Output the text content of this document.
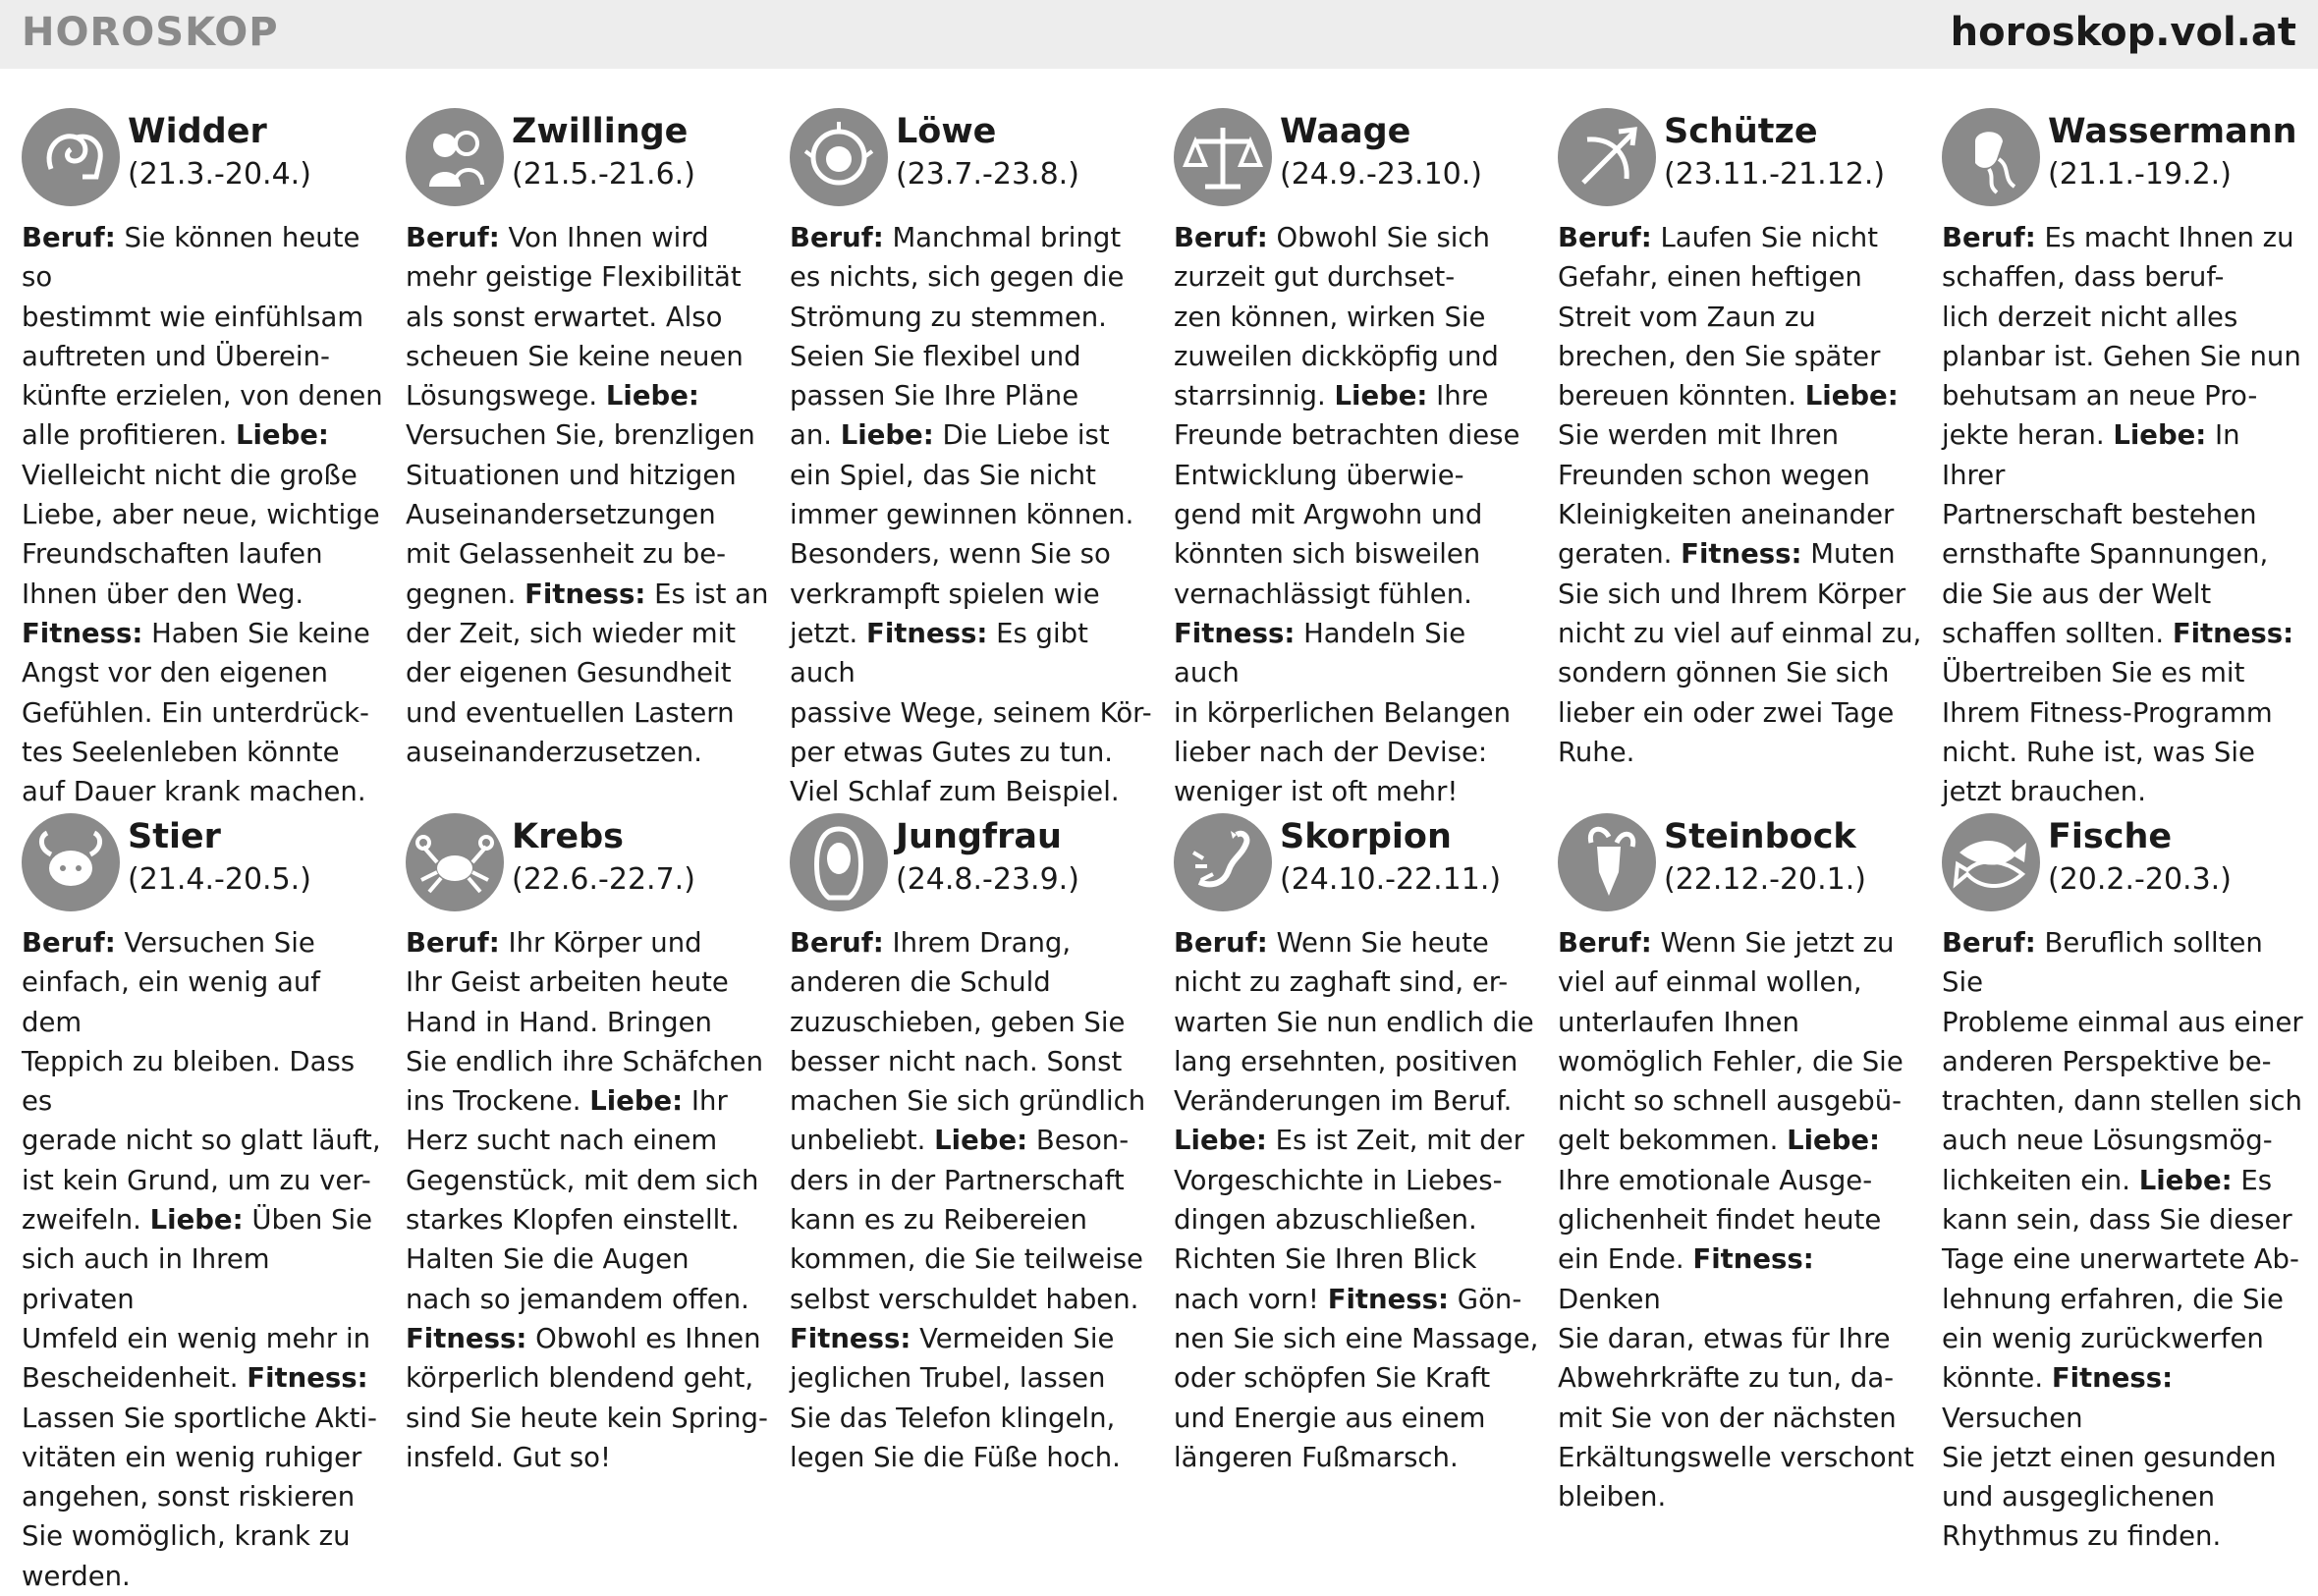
HOROSKOP	horoskop.vol.at
Widder
(21.3.-20.4.)

Beruf: Sie können heute so

bestimmt wie einfühlsam

auftreten und Überein-

künfte erzielen, von denen

alle profitieren. Liebe:

Vielleicht nicht die große

Liebe, aber neue, wichtige

Freundschaften laufen

Ihnen über den Weg.

Fitness: Haben Sie keine

Angst vor den eigenen

Gefühlen. Ein unterdrück-

tes Seelenleben könnte

auf Dauer krank machen.

Zwillinge
(21.5.-21.6.)

Beruf: Von Ihnen wird

mehr geistige Flexibilität

als sonst erwartet. Also

scheuen Sie keine neuen

Lösungswege. Liebe:

Versuchen Sie, brenzligen

Situationen und hitzigen

Auseinandersetzungen

mit Gelassenheit zu be-

gegnen. Fitness: Es ist an

der Zeit, sich wieder mit

der eigenen Gesundheit

und eventuellen Lastern

auseinanderzusetzen.

Löwe
(23.7.-23.8.)

Beruf: Manchmal bringt

es nichts, sich gegen die

Strömung zu stemmen.

Seien Sie flexibel und

passen Sie Ihre Pläne

an. Liebe: Die Liebe ist

ein Spiel, das Sie nicht

immer gewinnen können.

Besonders, wenn Sie so

verkrampft spielen wie

jetzt. Fitness: Es gibt auch

passive Wege, seinem Kör-

per etwas Gutes zu tun.

Viel Schlaf zum Beispiel.

Waage
(24.9.-23.10.)

Beruf: Obwohl Sie sich

zurzeit gut durchset-

zen können, wirken Sie

zuweilen dickköpfig und

starrsinnig. Liebe: Ihre

Freunde betrachten diese

Entwicklung überwie-

gend mit Argwohn und

könnten sich bisweilen

vernachlässigt fühlen.

Fitness: Handeln Sie auch

in körperlichen Belangen

lieber nach der Devise:

weniger ist oft mehr!

Schütze
(23.11.-21.12.)

Beruf: Laufen Sie nicht

Gefahr, einen heftigen

Streit vom Zaun zu

brechen, den Sie später

bereuen könnten. Liebe:

Sie werden mit Ihren

Freunden schon wegen

Kleinigkeiten aneinander

geraten. Fitness: Muten

Sie sich und Ihrem Körper

nicht zu viel auf einmal zu,

sondern gönnen Sie sich

lieber ein oder zwei Tage

Ruhe.

Wassermann
(21.1.-19.2.)

Beruf: Es macht Ihnen zu

schaffen, dass beruf-

lich derzeit nicht alles

planbar ist. Gehen Sie nun

behutsam an neue Pro-

jekte heran. Liebe: In Ihrer

Partnerschaft bestehen

ernsthafte Spannungen,

die Sie aus der Welt

schaffen sollten. Fitness:

Übertreiben Sie es mit

Ihrem Fitness-Programm

nicht. Ruhe ist, was Sie

jetzt brauchen.

Stier
(21.4.-20.5.)

Beruf: Versuchen Sie

einfach, ein wenig auf dem

Teppich zu bleiben. Dass es

gerade nicht so glatt läuft,

ist kein Grund, um zu ver-

zweifeln. Liebe: Üben Sie

sich auch in Ihrem privaten

Umfeld ein wenig mehr in

Bescheidenheit. Fitness:

Lassen Sie sportliche Akti-

vitäten ein wenig ruhiger

angehen, sonst riskieren

Sie womöglich, krank zu

werden.

Krebs
(22.6.-22.7.)

Beruf: Ihr Körper und

Ihr Geist arbeiten heute

Hand in Hand. Bringen

Sie endlich ihre Schäfchen

ins Trockene. Liebe: Ihr

Herz sucht nach einem

Gegenstück, mit dem sich

starkes Klopfen einstellt.

Halten Sie die Augen

nach so jemandem offen.

Fitness: Obwohl es Ihnen

körperlich blendend geht,

sind Sie heute kein Spring-

insfeld. Gut so!

Jungfrau
(24.8.-23.9.)

Beruf: Ihrem Drang,

anderen die Schuld

zuzuschieben, geben Sie

besser nicht nach. Sonst

machen Sie sich gründlich

unbeliebt. Liebe: Beson-

ders in der Partnerschaft

kann es zu Reibereien

kommen, die Sie teilweise

selbst verschuldet haben.

Fitness: Vermeiden Sie

jeglichen Trubel, lassen

Sie das Telefon klingeln,

legen Sie die Füße hoch.

Skorpion
(24.10.-22.11.)

Beruf: Wenn Sie heute

nicht zu zaghaft sind, er-

warten Sie nun endlich die

lang ersehnten, positiven

Veränderungen im Beruf.

Liebe: Es ist Zeit, mit der

Vorgeschichte in Liebes-

dingen abzuschließen.

Richten Sie Ihren Blick

nach vorn! Fitness: Gön-

nen Sie sich eine Massage,

oder schöpfen Sie Kraft

und Energie aus einem

längeren Fußmarsch.

Steinbock
(22.12.-20.1.)

Beruf: Wenn Sie jetzt zu

viel auf einmal wollen,

unterlaufen Ihnen

womöglich Fehler, die Sie

nicht so schnell ausgebü-

gelt bekommen. Liebe:

Ihre emotionale Ausge-

glichenheit findet heute

ein Ende. Fitness: Denken

Sie daran, etwas für Ihre

Abwehrkräfte zu tun, da-

mit Sie von der nächsten

Erkältungswelle verschont

bleiben.

Fische
(20.2.-20.3.)

Beruf: Beruflich sollten Sie

Probleme einmal aus einer

anderen Perspektive be-

trachten, dann stellen sich

auch neue Lösungsmög-

lichkeiten ein. Liebe: Es

kann sein, dass Sie dieser

Tage eine unerwartete Ab-

lehnung erfahren, die Sie

ein wenig zurückwerfen

könnte. Fitness: Versuchen

Sie jetzt einen gesunden

und ausgeglichenen

Rhythmus zu finden.
